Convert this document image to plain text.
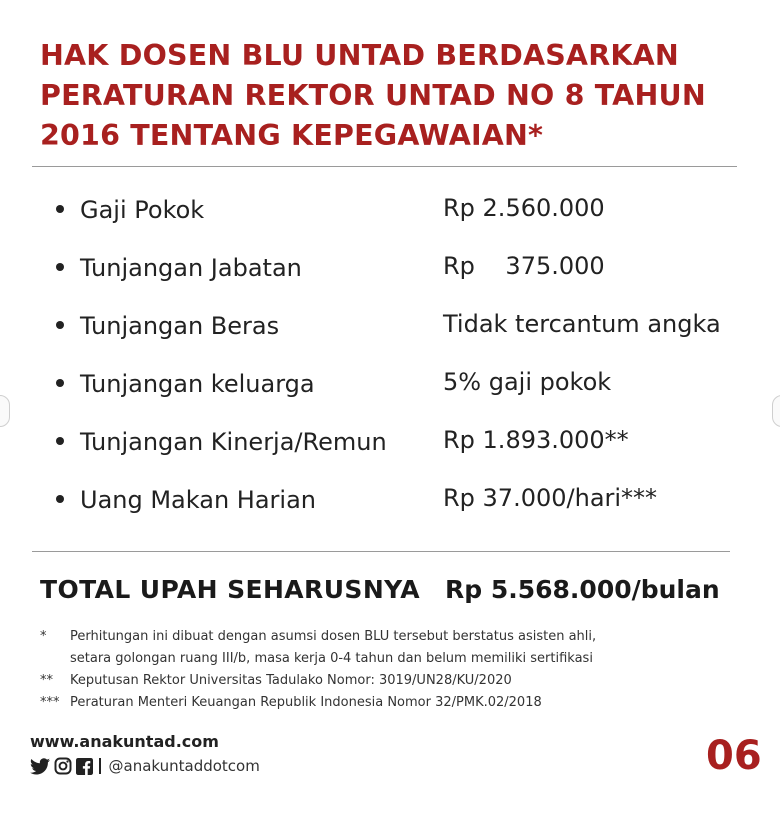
HAK DOSEN BLU UNTAD BERDASARKAN
PERATURAN REKTOR UNTAD NO 8 TAHUN
2016 TENTANG KEPEGAWAIAN*
Gaji Pokok	Rp 2.560.000
Tunjangan Jabatan	Rp    375.000
Tunjangan Beras	Tidak tercantum angka
Tunjangan keluarga	5% gaji pokok
Tunjangan Kinerja/Remun Rp 1.893.000**
Uang Makan Harian	Rp 37.000/hari***
TOTAL UPAH SEHARUSNYA Rp 5.568.000/bulan
* Perhitungan ini dibuat dengan asumsi dosen BLU tersebut berstatus asisten ahli,
setara golongan ruang III/b, masa kerja 0-4 tahun dan belum memiliki sertifikasi
** Keputusan Rektor Universitas Tadulako Nomor: 3019/UN28/KU/2020
*** Peraturan Menteri Keuangan Republik Indonesia Nomor 32/PMK.02/2018
www.anakuntad.com
@anakuntaddotcom	06
